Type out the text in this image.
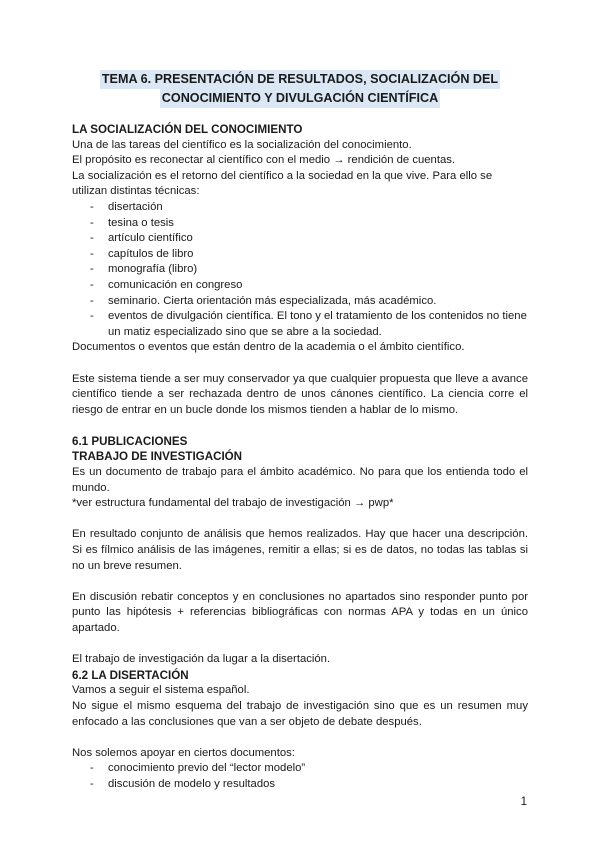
TEMA 6. PRESENTACIÓN DE RESULTADOS, SOCIALIZACIÓN DEL
CONOCIMIENTO Y DIVULGACIÓN CIENTÍFICA

LA SOCIALIZACIÓN DEL CONOCIMIENTO

Una de las tareas del científico es la socialización del conocimiento.

El propósito es reconectar al científico con el medio → rendición de cuentas.

La socialización es el retorno del científico a la sociedad en la que vive. Para ello se utilizan distintas técnicas:

- disertación
- tesina o tesis
- artículo científico
- capítulos de libro
- monografía (libro)
- comunicación en congreso
- seminario. Cierta orientación más especializada, más académico.
- eventos de divulgación científica. El tono y el tratamiento de los contenidos no tiene un matiz especializado sino que se abre a la sociedad.

Documentos o eventos que están dentro de la academia o el ámbito científico.

Este sistema tiende a ser muy conservador ya que cualquier propuesta que lleve a avance científico tiende a ser rechazada dentro de unos cánones científico. La ciencia corre el riesgo de entrar en un bucle donde los mismos tienden a hablar de lo mismo.

6.1 PUBLICACIONES

TRABAJO DE INVESTIGACIÓN

Es un documento de trabajo para el ámbito académico. No para que los entienda todo el mundo.

*ver estructura fundamental del trabajo de investigación → pwp*

En resultado conjunto de análisis que hemos realizados. Hay que hacer una descripción. Si es fílmico análisis de las imágenes, remitir a ellas; si es de datos, no todas las tablas si no un breve resumen.

En discusión rebatir conceptos y en conclusiones no apartados sino responder punto por punto las hipótesis + referencias bibliográficas con normas APA y todas en un único apartado.

El trabajo de investigación da lugar a la disertación.

6.2 LA DISERTACIÓN

Vamos a seguir el sistema español.

No sigue el mismo esquema del trabajo de investigación sino que es un resumen muy enfocado a las conclusiones que van a ser objeto de debate después.

Nos solemos apoyar en ciertos documentos:

- conocimiento previo del “lector modelo”
- discusión de modelo y resultados
1
